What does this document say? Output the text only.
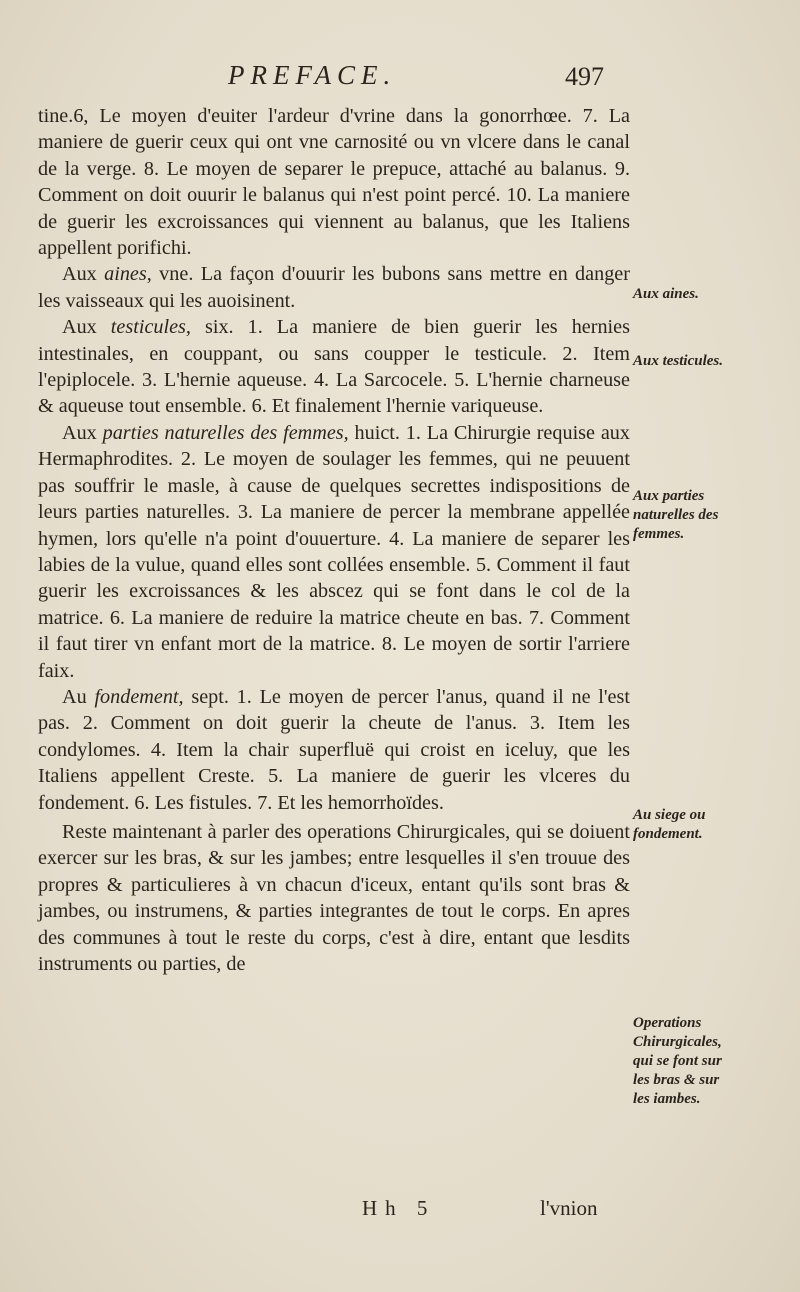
PREFACE.	497

tine.6, Le moyen d'euiter l'ardeur d'vrine dans la gonorrhœe. 7. La maniere de guerir ceux qui ont vne carnosité ou vn vlcere dans le canal de la verge. 8. Le moyen de separer le prepuce, attaché au balanus. 9. Comment on doit ouurir le balanus qui n'est point percé. 10. La maniere de guerir les excroissances qui viennent au balanus, que les Italiens appellent porifichi.

Aux aines, vne. La façon d'ouurir les bubons sans mettre en danger les vaisseaux qui les auoisinent.

Aux testicules, six. 1. La maniere de bien guerir les hernies intestinales, en couppant, ou sans coupper le testicule. 2. Item l'epiplocele. 3. L'hernie aqueuse. 4. La Sarcocele. 5. L'hernie charneuse & aqueuse tout ensemble. 6. Et finalement l'hernie variqueuse.

Aux parties naturelles des femmes, huict. 1. La Chirurgie requise aux Hermaphrodites. 2. Le moyen de soulager les femmes, qui ne peuuent pas souffrir le masle, à cause de quelques secrettes indispositions de leurs parties naturelles. 3. La maniere de percer la membrane appellée hymen, lors qu'elle n'a point d'ouuerture. 4. La maniere de separer les labies de la vulue, quand elles sont collées ensemble. 5. Comment il faut guerir les excroissances & les abscez qui se font dans le col de la matrice. 6. La maniere de reduire la matrice cheute en bas. 7. Comment il faut tirer vn enfant mort de la matrice. 8. Le moyen de sortir l'arriere faix.

Au fondement, sept. 1. Le moyen de percer l'anus, quand il ne l'est pas. 2. Comment on doit guerir la cheute de l'anus. 3. Item les condylomes. 4. Item la chair superfluë qui croist en iceluy, que les Italiens appellent Creste. 5. La maniere de guerir les vlceres du fondement. 6. Les fistules. 7. Et les hemorrhoïdes.

Reste maintenant à parler des operations Chirurgicales, qui se doiuent exercer sur les bras, & sur les jambes; entre lesquelles il s'en trouue des propres & particulieres à vn chacun d'iceux, entant qu'ils sont bras & jambes, ou instrumens, & parties integrantes de tout le corps. En apres des communes à tout le reste du corps, c'est à dire, entant que lesdits instruments ou parties, de

Aux aines.
Aux testicules.
Aux parties naturelles des femmes.
Au siege ou fondement.
Operations Chirurgicales, qui se font sur les bras & sur les iambes.
Hh 5	l'vnion
